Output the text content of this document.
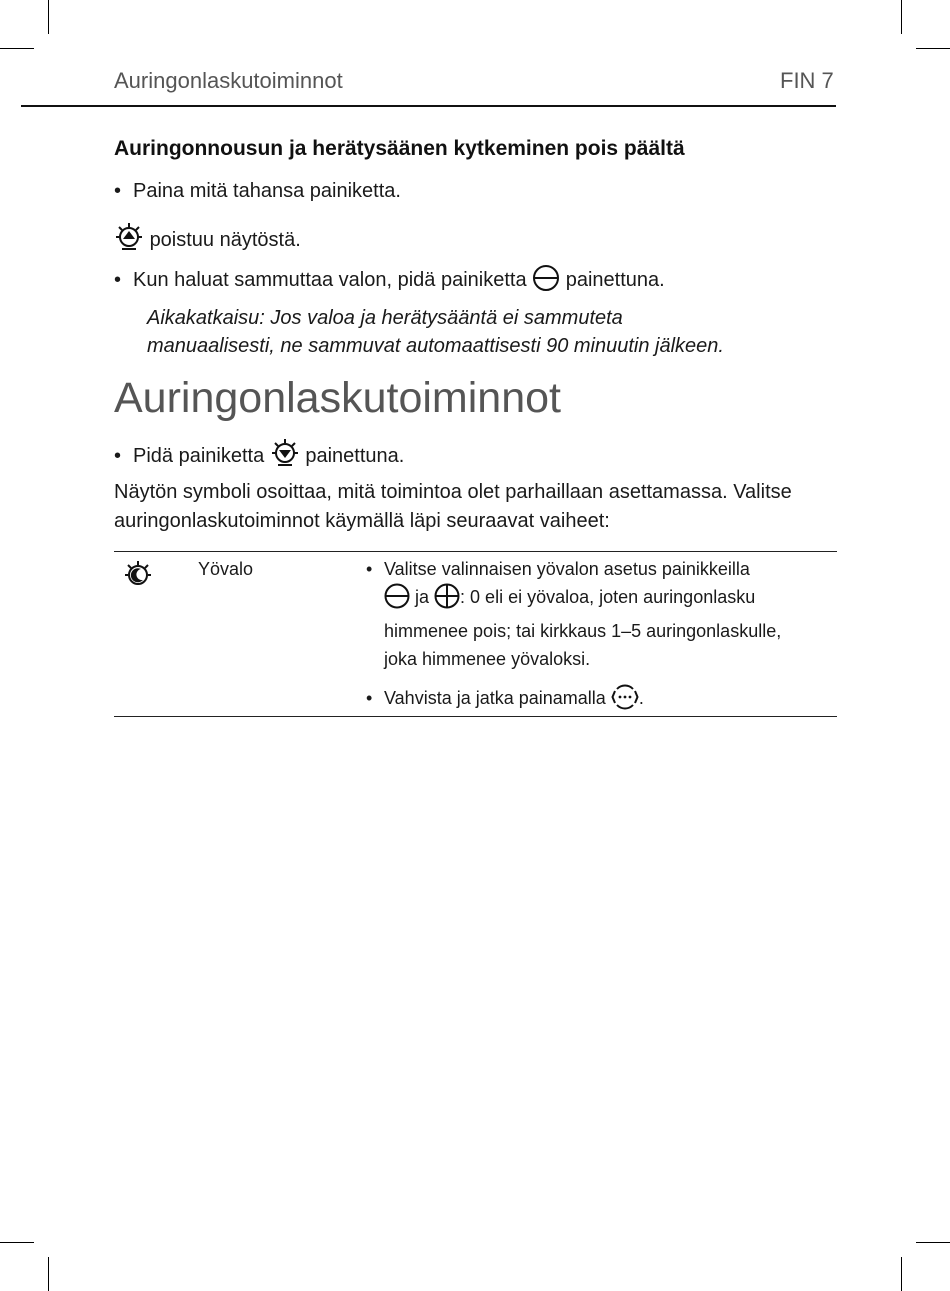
Auringonlaskutoiminnot	FIN 7
Auringonnousun ja herätysäänen kytkeminen pois päältä
• Paina mitä tahansa painiketta.
poistuu näytöstä.
• Kun haluat sammuttaa valon, pidä painiketta painettuna.
Aikakatkaisu: Jos valoa ja herätysääntä ei sammuteta
manuaalisesti, ne sammuvat automaattisesti 90 minuutin jälkeen.
Auringonlaskutoiminnot
• Pidä painiketta painettuna.
Näytön symboli osoittaa, mitä toimintoa olet parhaillaan asettamassa. Valitse
auringonlaskutoiminnot käymällä läpi seuraavat vaiheet:
Yövalo	• Valitse valinnaisen yövalon asetus painikkeilla
ja : 0 eli ei yövaloa, joten auringonlasku
himmenee pois; tai kirkkaus 1–5 auringonlaskulle,
joka himmenee yövaloksi.
• Vahvista ja jatka painamalla .
